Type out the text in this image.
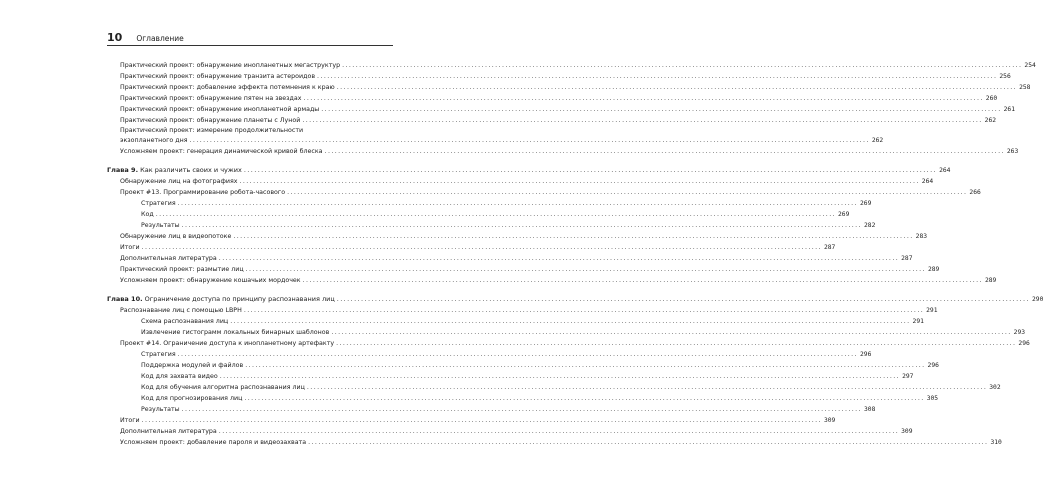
10 Оглавление
Практический проект: обнаружение инопланетных мегаструктур ........................................................................................................................................................................................................ 254
Практический проект: обнаружение транзита астероидов ........................................................................................................................................................................................................ 256
Практический проект: добавление эффекта потемнения к краю ........................................................................................................................................................................................................ 258
Практический проект: обнаружение пятен на звездах ........................................................................................................................................................................................................ 260
Практический проект: обнаружение инопланетной армады ........................................................................................................................................................................................................ 261
Практический проект: обнаружение планеты с Луной ........................................................................................................................................................................................................ 262
Практический проект: измерение продолжительности
экзопланетного дня ........................................................................................................................................................................................................ 262
Усложняем проект: генерация динамической кривой блеска ........................................................................................................................................................................................................ 263
Глава 9. Как различить своих и чужих ........................................................................................................................................................................................................ 264
Обнаружение лиц на фотографиях ........................................................................................................................................................................................................ 264
Проект #13. Программирование робота-часового ........................................................................................................................................................................................................ 266
Стратегия ........................................................................................................................................................................................................ 269
Код ........................................................................................................................................................................................................ 269
Результаты ........................................................................................................................................................................................................ 282
Обнаружение лиц в видеопотоке ........................................................................................................................................................................................................ 283
Итоги ........................................................................................................................................................................................................ 287
Дополнительная литература ........................................................................................................................................................................................................ 287
Практический проект: размытие лиц ........................................................................................................................................................................................................ 289
Усложняем проект: обнаружение кошачьих мордочек ........................................................................................................................................................................................................ 289
Глава 10. Ограничение доступа по принципу распознавания лиц ........................................................................................................................................................................................................ 290
Распознавание лиц с помощью LBPH ........................................................................................................................................................................................................ 291
Схема распознавания лиц ........................................................................................................................................................................................................ 291
Извлечение гистограмм локальных бинарных шаблонов ........................................................................................................................................................................................................ 293
Проект #14. Ограничение доступа к инопланетному артефакту ........................................................................................................................................................................................................ 296
Стратегия ........................................................................................................................................................................................................ 296
Поддержка модулей и файлов ........................................................................................................................................................................................................ 296
Код для захвата видео ........................................................................................................................................................................................................ 297
Код для обучения алгоритма распознавания лиц ........................................................................................................................................................................................................ 302
Код для прогнозирования лиц ........................................................................................................................................................................................................ 305
Результаты ........................................................................................................................................................................................................ 308
Итоги ........................................................................................................................................................................................................ 309
Дополнительная литература ........................................................................................................................................................................................................ 309
Усложняем проект: добавление пароля и видеозахвата ........................................................................................................................................................................................................ 310
